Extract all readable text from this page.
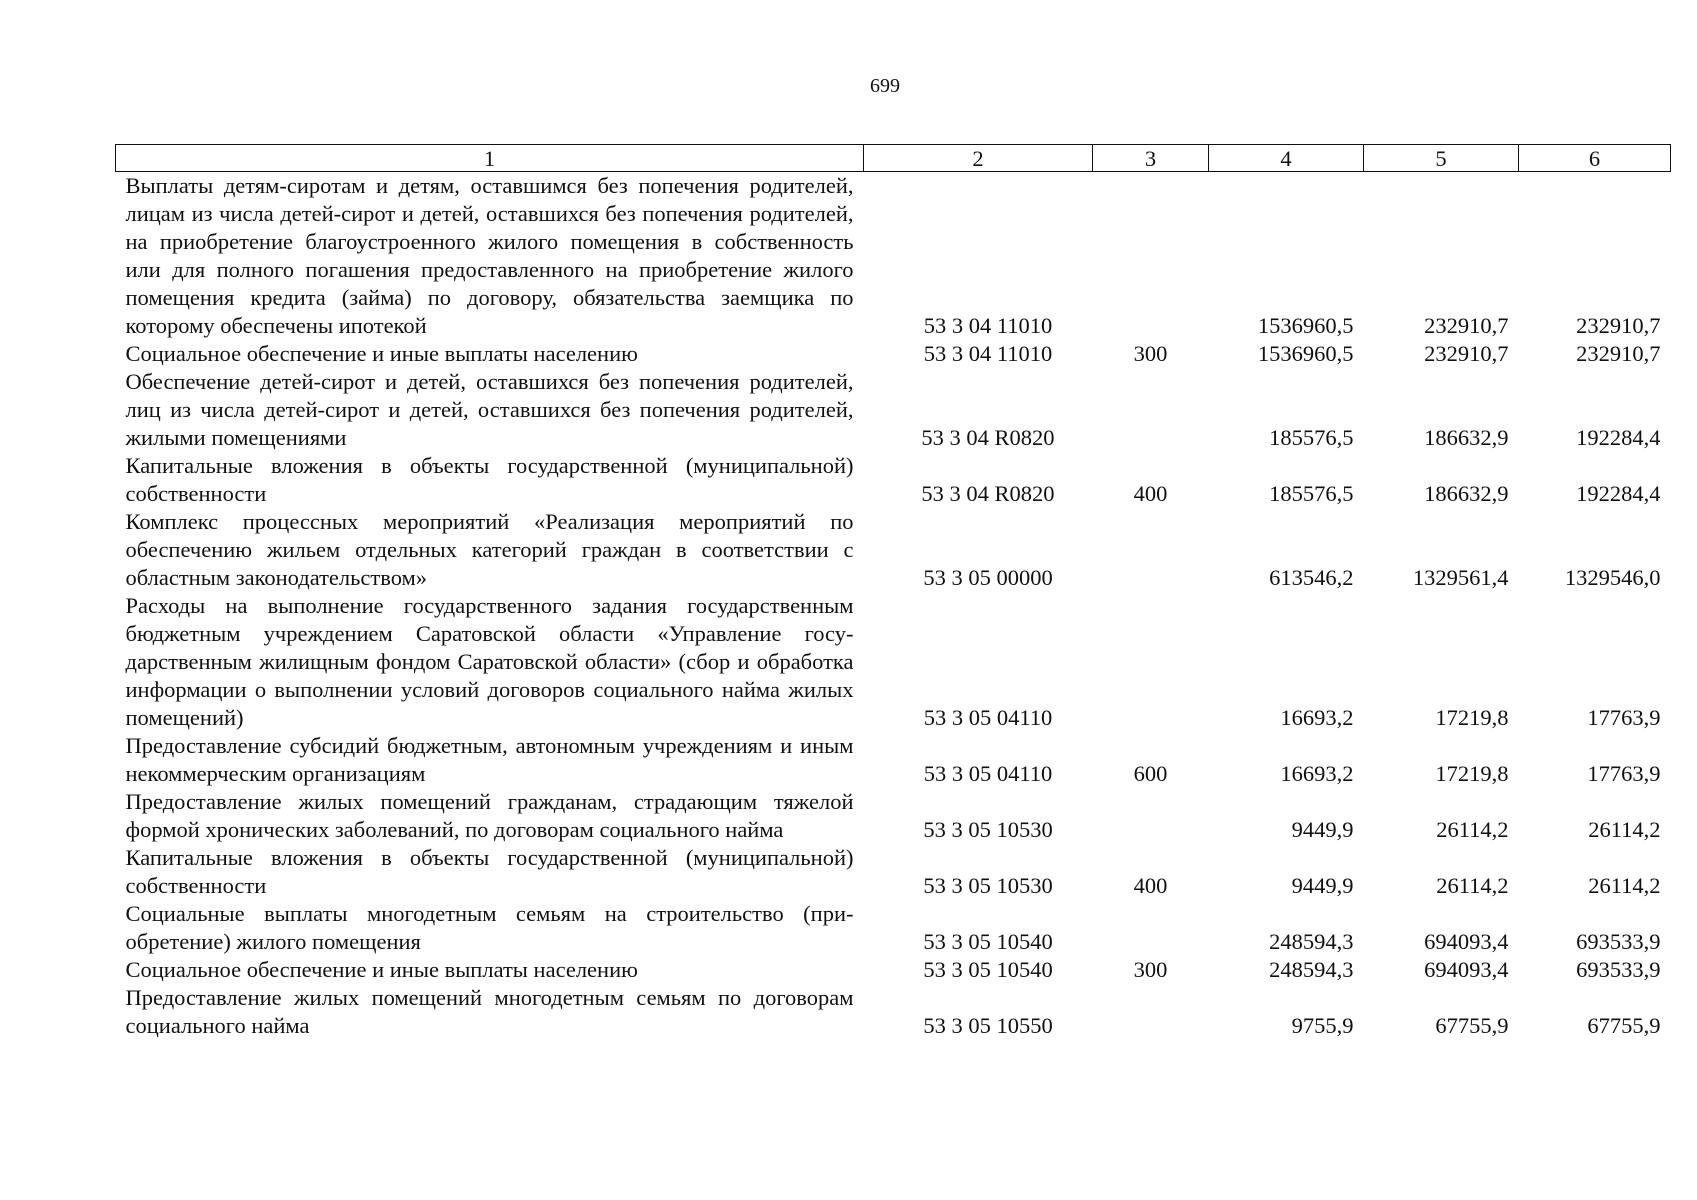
699
1	2	3	4	5	6
Выплаты детям-сиротам и детям, оставшимся без попечения родителей, лицам из числа детей-сирот и детей, оставшихся без попечения родителей, на приобретение благоустроенного жилого помещения в собственность или для полного погашения предоставленного на приобретение жилого помещения кредита (займа) по договору, обязательства заемщика по которому обеспечены ипотекой	53 3 04 11010		1536960,5	232910,7	232910,7
Социальное обеспечение и иные выплаты населению	53 3 04 11010	300	1536960,5	232910,7	232910,7
Обеспечение детей-сирот и детей, оставшихся без попечения родителей, лиц из числа детей-сирот и детей, оставшихся без попечения родителей, жилыми помещениями	53 3 04 R0820		185576,5	186632,9	192284,4
Капитальные вложения в объекты государственной (муниципальной) собственности	53 3 04 R0820	400	185576,5	186632,9	192284,4
Комплекс процессных мероприятий «Реализация мероприятий по обеспечению жильем отдельных категорий граждан в соответствии с областным законодательством»	53 3 05 00000		613546,2	1329561,4	1329546,0
Расходы на выполнение государственного задания государственным бюджетным учреждением Саратовской области «Управление государственным жилищным фондом Саратовской области» (сбор и обработка информации о выполнении условий договоров социального найма жилых помещений)	53 3 05 04110		16693,2	17219,8	17763,9
Предоставление субсидий бюджетным, автономным учреждениям и иным некоммерческим организациям	53 3 05 04110	600	16693,2	17219,8	17763,9
Предоставление жилых помещений гражданам, страдающим тяжелой формой хронических заболеваний, по договорам социального найма	53 3 05 10530		9449,9	26114,2	26114,2
Капитальные вложения в объекты государственной (муниципальной) собственности	53 3 05 10530	400	9449,9	26114,2	26114,2
Социальные выплаты многодетным семьям на строительство (приобретение) жилого помещения	53 3 05 10540		248594,3	694093,4	693533,9
Социальное обеспечение и иные выплаты населению	53 3 05 10540	300	248594,3	694093,4	693533,9
Предоставление жилых помещений многодетным семьям по договорам социального найма	53 3 05 10550		9755,9	67755,9	67755,9
